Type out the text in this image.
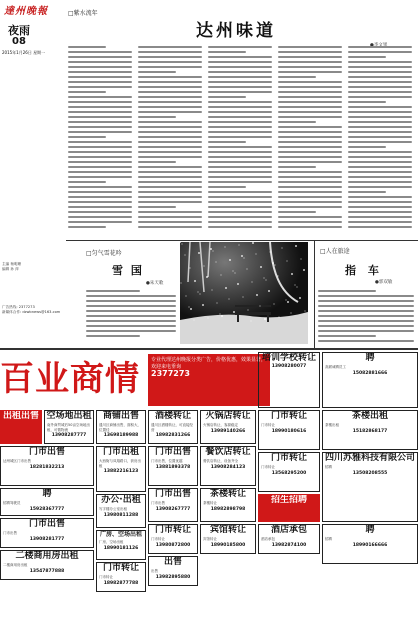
達州晚報
夜雨
08
2015年1月26日 星期一
主编 杨明珊
编辑 孙 萍
广告热线: 2377273
新媒体合作: dzwbnews@163.com
□紫水流年
达州味道
□匀气雪花吟
雪 国
●朱天歌
□人在旅途
指 车
●郭双敏
百业商情 专业代理达州晚报分类广告，价格优惠，效果显著，欢迎来电垂询
2377273
出租出售 空场地出租
南外商贸城后50亩空场地出租，可做物流
13908287777
商铺出售
通川区商铺出售，面积大，位置佳
13698189988
酒楼转让
通川区酒楼转让，可直接经营
18982831266
火锅店转让
火锅店转让，客源稳定
13989140266
培训学校转让
13908280077
聘
高薪诚聘员工
15082881666
门市出售
达州城区门市出售
18281832213
门市出租
大西街与凤翔路口，套房出租
13882216123
门市出售
门市出售，位置优越
13881893378
餐饮店转让
餐饮店转让，设备齐全
13908284123
门市转让
门市转让
18990180616
茶楼出租
茶楼出租
15182868177
聘
招聘驾驶员
15928367777
办公·出租
写字楼办公室出租
13980811288
门市出售
门市出售
13908267777
茶楼转让
茶楼转让
18982898798
门市转让
门市转让
13568295200
招生招聘
门市出售
门市出售
13908281777
广房、空场出租
厂房、空场出租
18990181126
门市转让
门市转让
13980872800
宾馆转让
宾馆转让
18990185800
酒店承包
酒店承包
13982874100
四川苏雅科技有限公司
招聘
13508208555
聘
招聘
18990166666
二楼商用房出租
二楼商用房出租
13547877888	门市转让
门市转让
18982877788
出售
出售
13982895880
